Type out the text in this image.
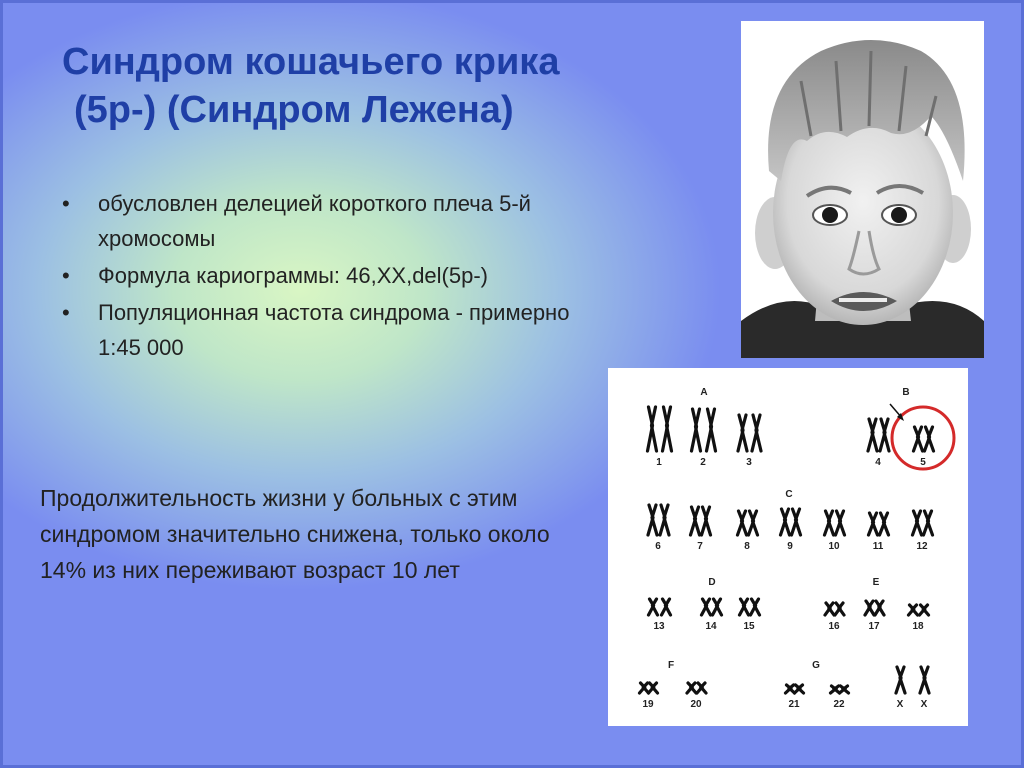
Синдром кошачьего крика
(5p-) (Синдром Лежена)
• обусловлен делецией короткого плеча 5-й хромосомы
• Формула кариограммы: 46,XX,del(5p-)
• Популяционная частота синдрома - примерно 1:45 000
Продолжительность жизни у больных с этим синдромом значительно снижена, только около 14% из них переживают возраст 10 лет
A	B
C
D	E
F	G
1	2	3	4	5
6	7	8	9	10	11	12
13	14	15	16	17	18
19	20	21	22	X X
